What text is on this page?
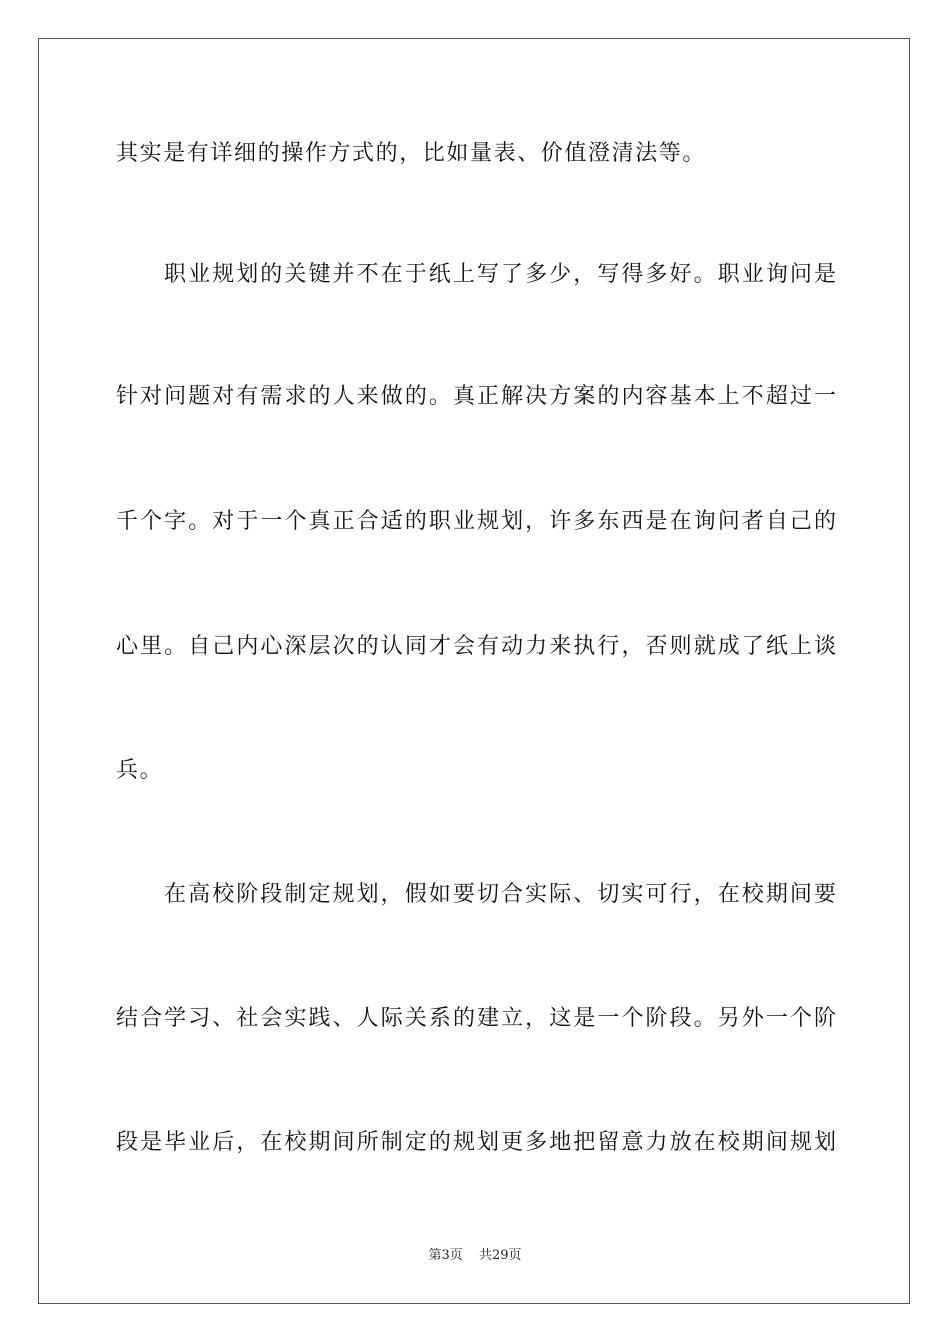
其实是有详细的操作方式的，比如量表、价值澄清法等。
职业规划的关键并不在于纸上写了多少，写得多好。职业询问是
针对问题对有需求的人来做的。真正解决方案的内容基本上不超过一
千个字。对于一个真正合适的职业规划，许多东西是在询问者自己的
心里。自己内心深层次的认同才会有动力来执行，否则就成了纸上谈
兵。
在高校阶段制定规划，假如要切合实际、切实可行，在校期间要
结合学习、社会实践、人际关系的建立，这是一个阶段。另外一个阶
段是毕业后，在校期间所制定的规划更多地把留意力放在校期间规划
第3页 共29页
